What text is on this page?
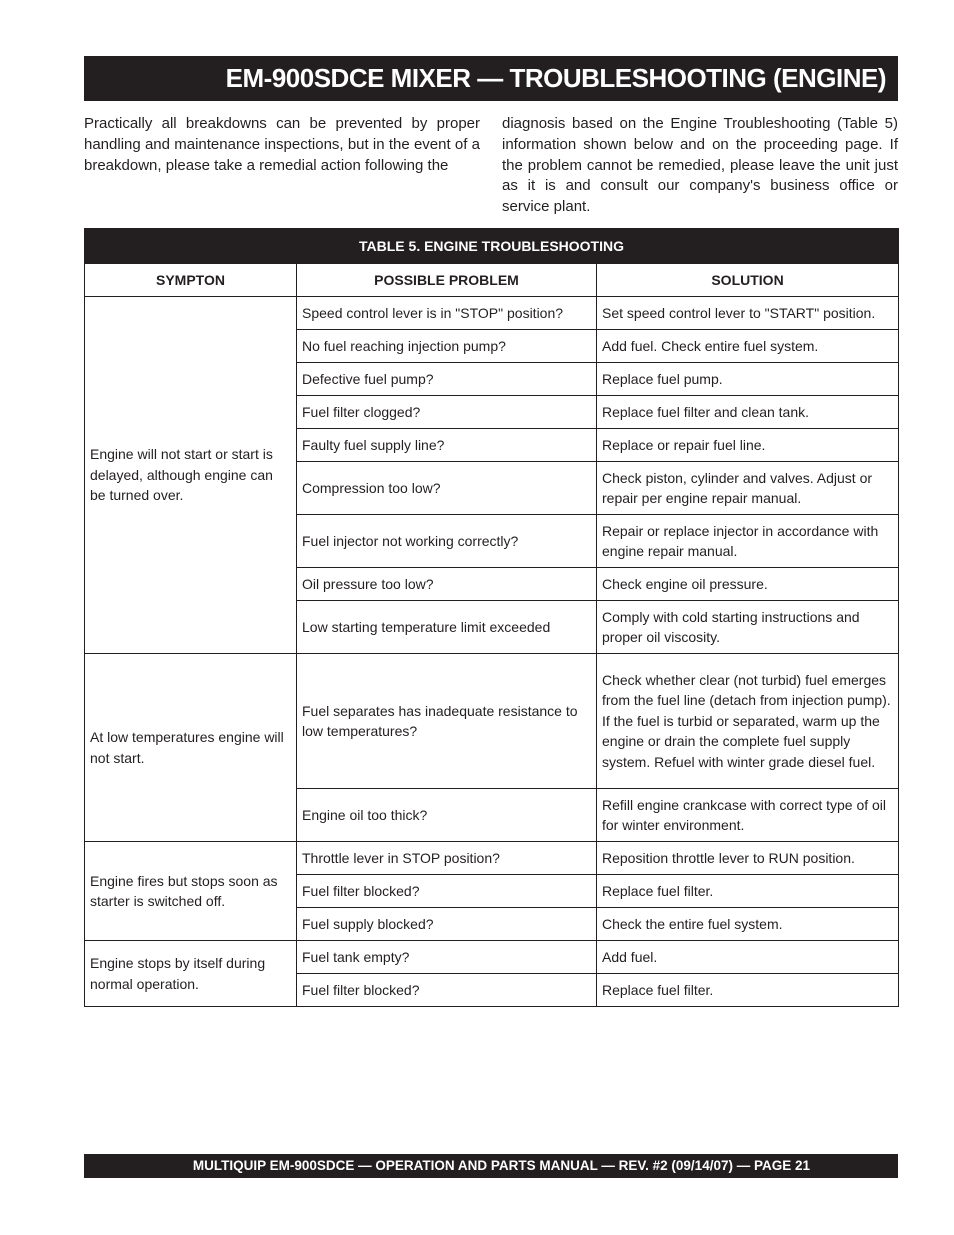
EM-900SDCE MIXER — TROUBLESHOOTING (ENGINE)

Practically all breakdowns can be prevented by proper handling and maintenance inspections, but in the event of a breakdown, please take a remedial action following the

diagnosis based on the Engine Troubleshooting (Table 5) information shown below and on the proceeding page. If the problem cannot be remedied, please leave the unit just as it is and consult our company's business office or service plant.

TABLE 5. ENGINE TROUBLESHOOTING		
SYMPTON	POSSIBLE PROBLEM	SOLUTION
Engine will not start or start is delayed, although engine can be turned over.	Speed control lever is in "STOP" position?	Set speed control lever to "START" position.
	No fuel reaching injection pump?	Add fuel. Check entire fuel system.
	Defective fuel pump?	Replace fuel pump.
	Fuel filter clogged?	Replace fuel filter and clean tank.
	Faulty fuel supply line?	Replace or repair fuel line.
	Compression too low?	Check piston, cylinder and valves. Adjust or repair per engine repair manual.
	Fuel injector not working correctly?	Repair or replace injector in accordance with engine repair manual.
	Oil pressure too low?	Check engine oil pressure.
	Low starting temperature limit exceeded	Comply with cold starting instructions and proper oil viscosity.
At low temperatures engine will not start.	Fuel separates has inadequate resistance to low temperatures?	Check whether clear (not turbid) fuel emerges from the fuel line (detach from injection pump). If the fuel is turbid or separated, warm up the engine or drain the complete fuel supply system. Refuel with winter grade diesel fuel.
	Engine oil too thick?	Refill engine crankcase with correct type of oil for winter environment.
Engine fires but stops soon as starter is switched off.	Throttle lever in STOP position?	Reposition throttle lever to RUN position.
	Fuel filter blocked?	Replace fuel filter.
	Fuel supply blocked?	Check the entire fuel system.
Engine stops by itself during normal operation.	Fuel tank empty?	Add fuel.
	Fuel filter blocked?	Replace fuel filter.
MULTIQUIP EM-900SDCE — OPERATION AND PARTS MANUAL — REV. #2 (09/14/07) — PAGE 21
